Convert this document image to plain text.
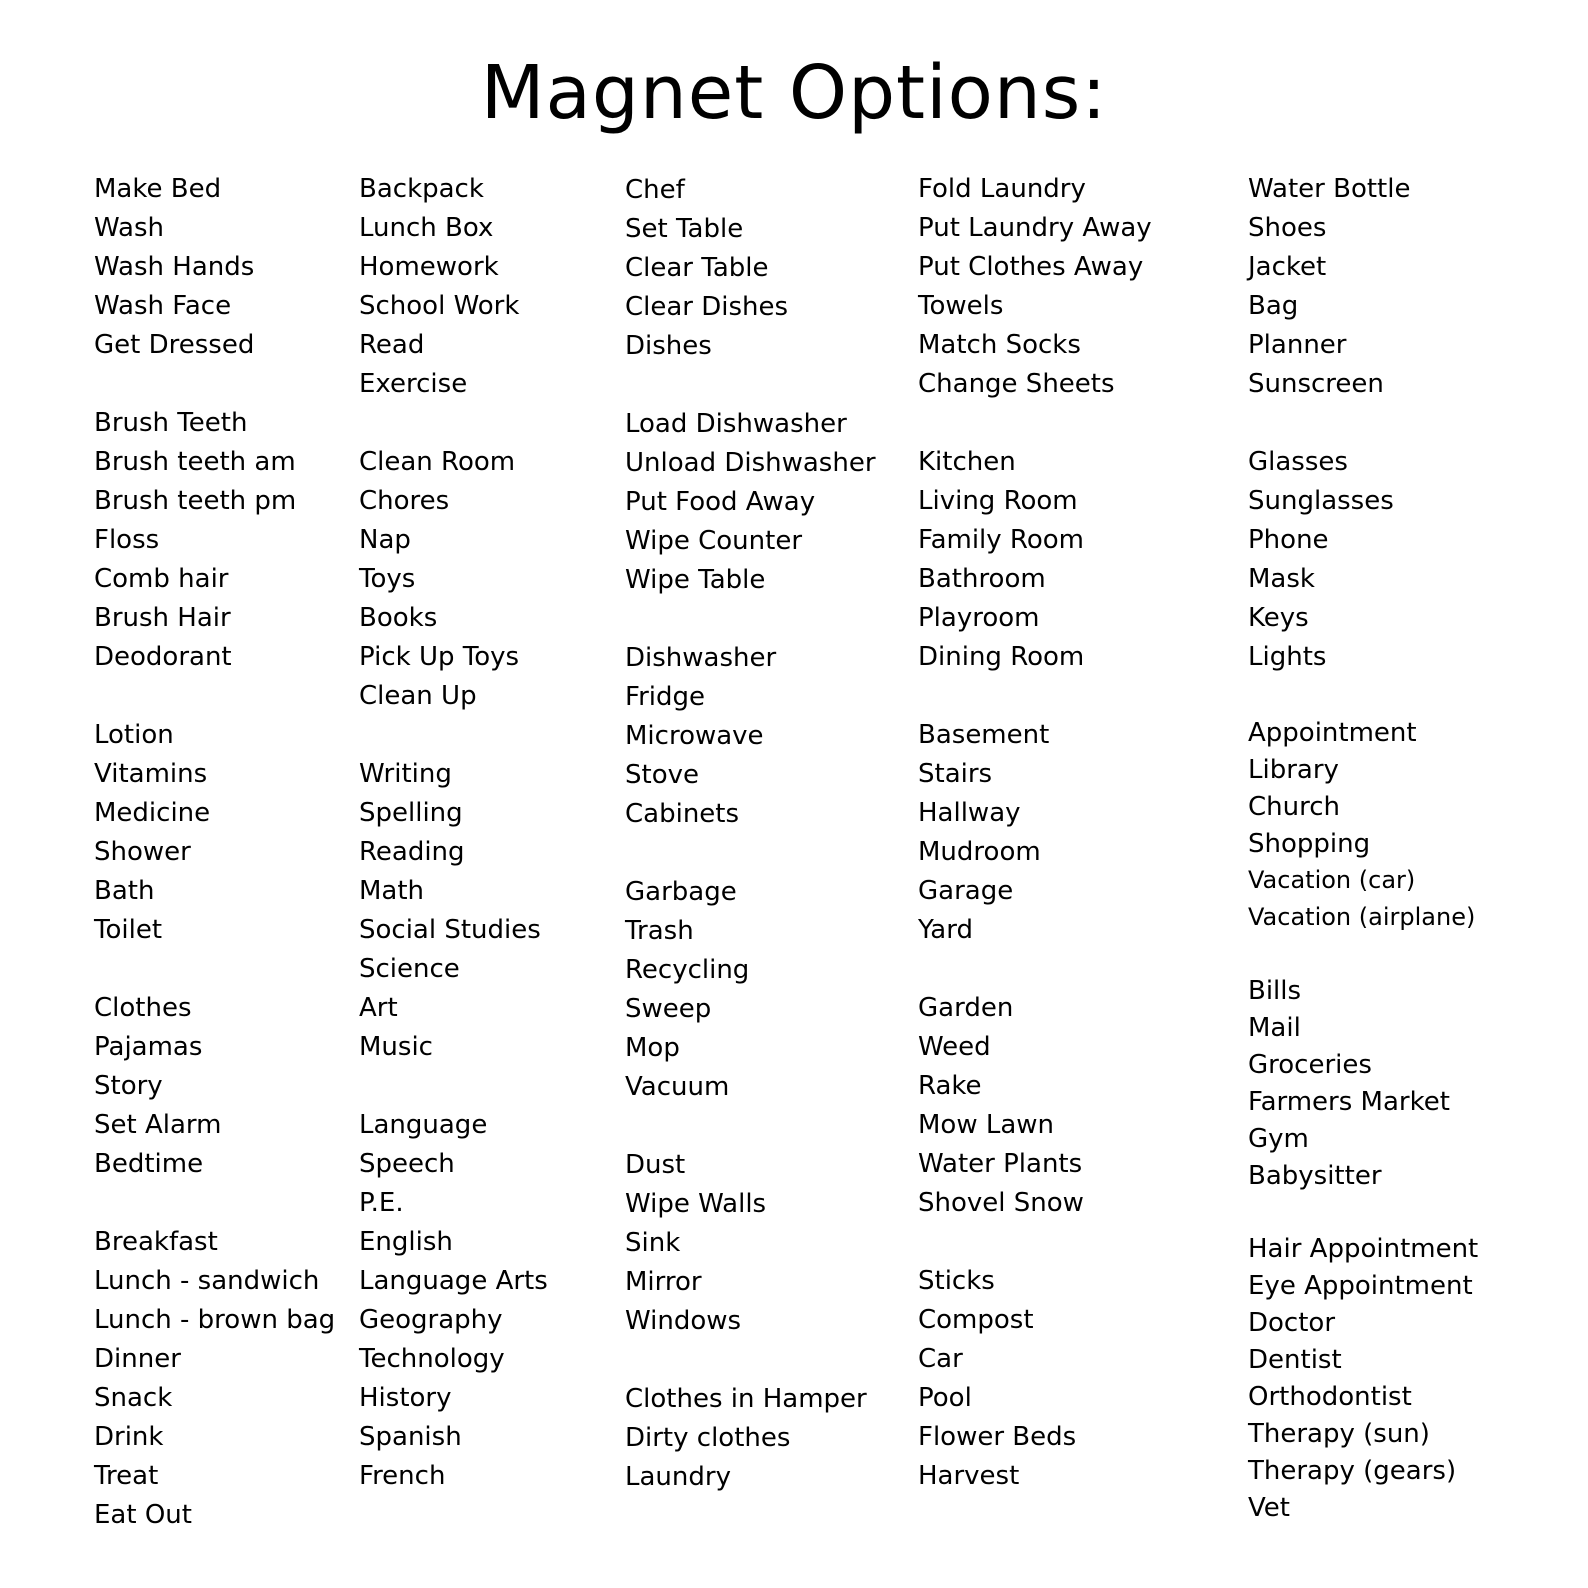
Magnet Options:
Make Bed
Wash
Wash Hands
Wash Face
Get Dressed
Brush Teeth
Brush teeth am
Brush teeth pm
Floss
Comb hair
Brush Hair
Deodorant
Lotion
Vitamins
Medicine
Shower
Bath
Toilet
Clothes
Pajamas
Story
Set Alarm
Bedtime
Breakfast
Lunch - sandwich
Lunch - brown bag
Dinner
Snack
Drink
Treat
Eat Out
Backpack
Lunch Box
Homework
School Work
Read
Exercise
Clean Room
Chores
Nap
Toys
Books
Pick Up Toys
Clean Up
Writing
Spelling
Reading
Math
Social Studies
Science
Art
Music
Language
Speech
P.E.
English
Language Arts
Geography
Technology
History
Spanish
French
Chef
Set Table
Clear Table
Clear Dishes
Dishes
Load Dishwasher
Unload Dishwasher
Put Food Away
Wipe Counter
Wipe Table
Dishwasher
Fridge
Microwave
Stove
Cabinets
Garbage
Trash
Recycling
Sweep
Mop
Vacuum
Dust
Wipe Walls
Sink
Mirror
Windows
Clothes in Hamper
Dirty clothes
Laundry
Fold Laundry
Put Laundry Away
Put Clothes Away
Towels
Match Socks
Change Sheets
Kitchen
Living Room
Family Room
Bathroom
Playroom
Dining Room
Basement
Stairs
Hallway
Mudroom
Garage
Yard
Garden
Weed
Rake
Mow Lawn
Water Plants
Shovel Snow
Sticks
Compost
Car
Pool
Flower Beds
Harvest
Water Bottle
Shoes
Jacket
Bag
Planner
Sunscreen
Glasses
Sunglasses
Phone
Mask
Keys
Lights
Appointment
Library
Church
Shopping
Vacation (car)
Vacation (airplane)
Bills
Mail
Groceries
Farmers Market
Gym
Babysitter
Hair Appointment
Eye Appointment
Doctor
Dentist
Orthodontist
Therapy (sun)
Therapy (gears)
Vet
